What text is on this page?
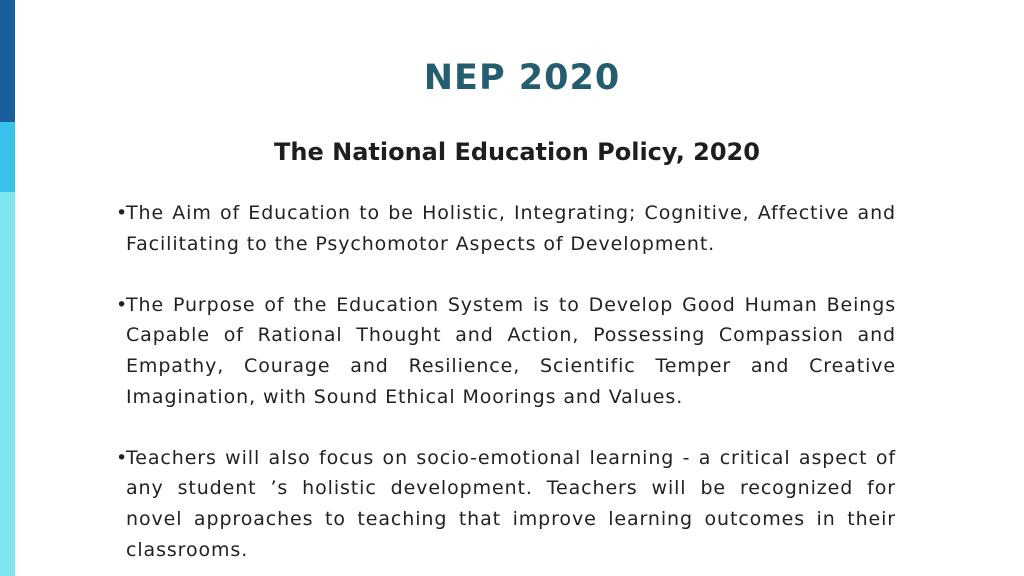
NEP 2020
The National Education Policy, 2020
•
The Aim of Education to be Holistic, Integrating; Cognitive, Affective and Facilitating to the Psychomotor Aspects of Development.
•
The Purpose of the Education System is to Develop Good Human Beings Capable of Rational Thought and Action, Possessing Compassion and Empathy, Courage and Resilience, Scientific Temper and Creative Imagination, with Sound Ethical Moorings and Values.
•
Teachers will also focus on socio-emotional learning - a critical aspect of any student ’s holistic development. Teachers will be recognized for novel approaches to teaching that improve learning outcomes in their classrooms.
